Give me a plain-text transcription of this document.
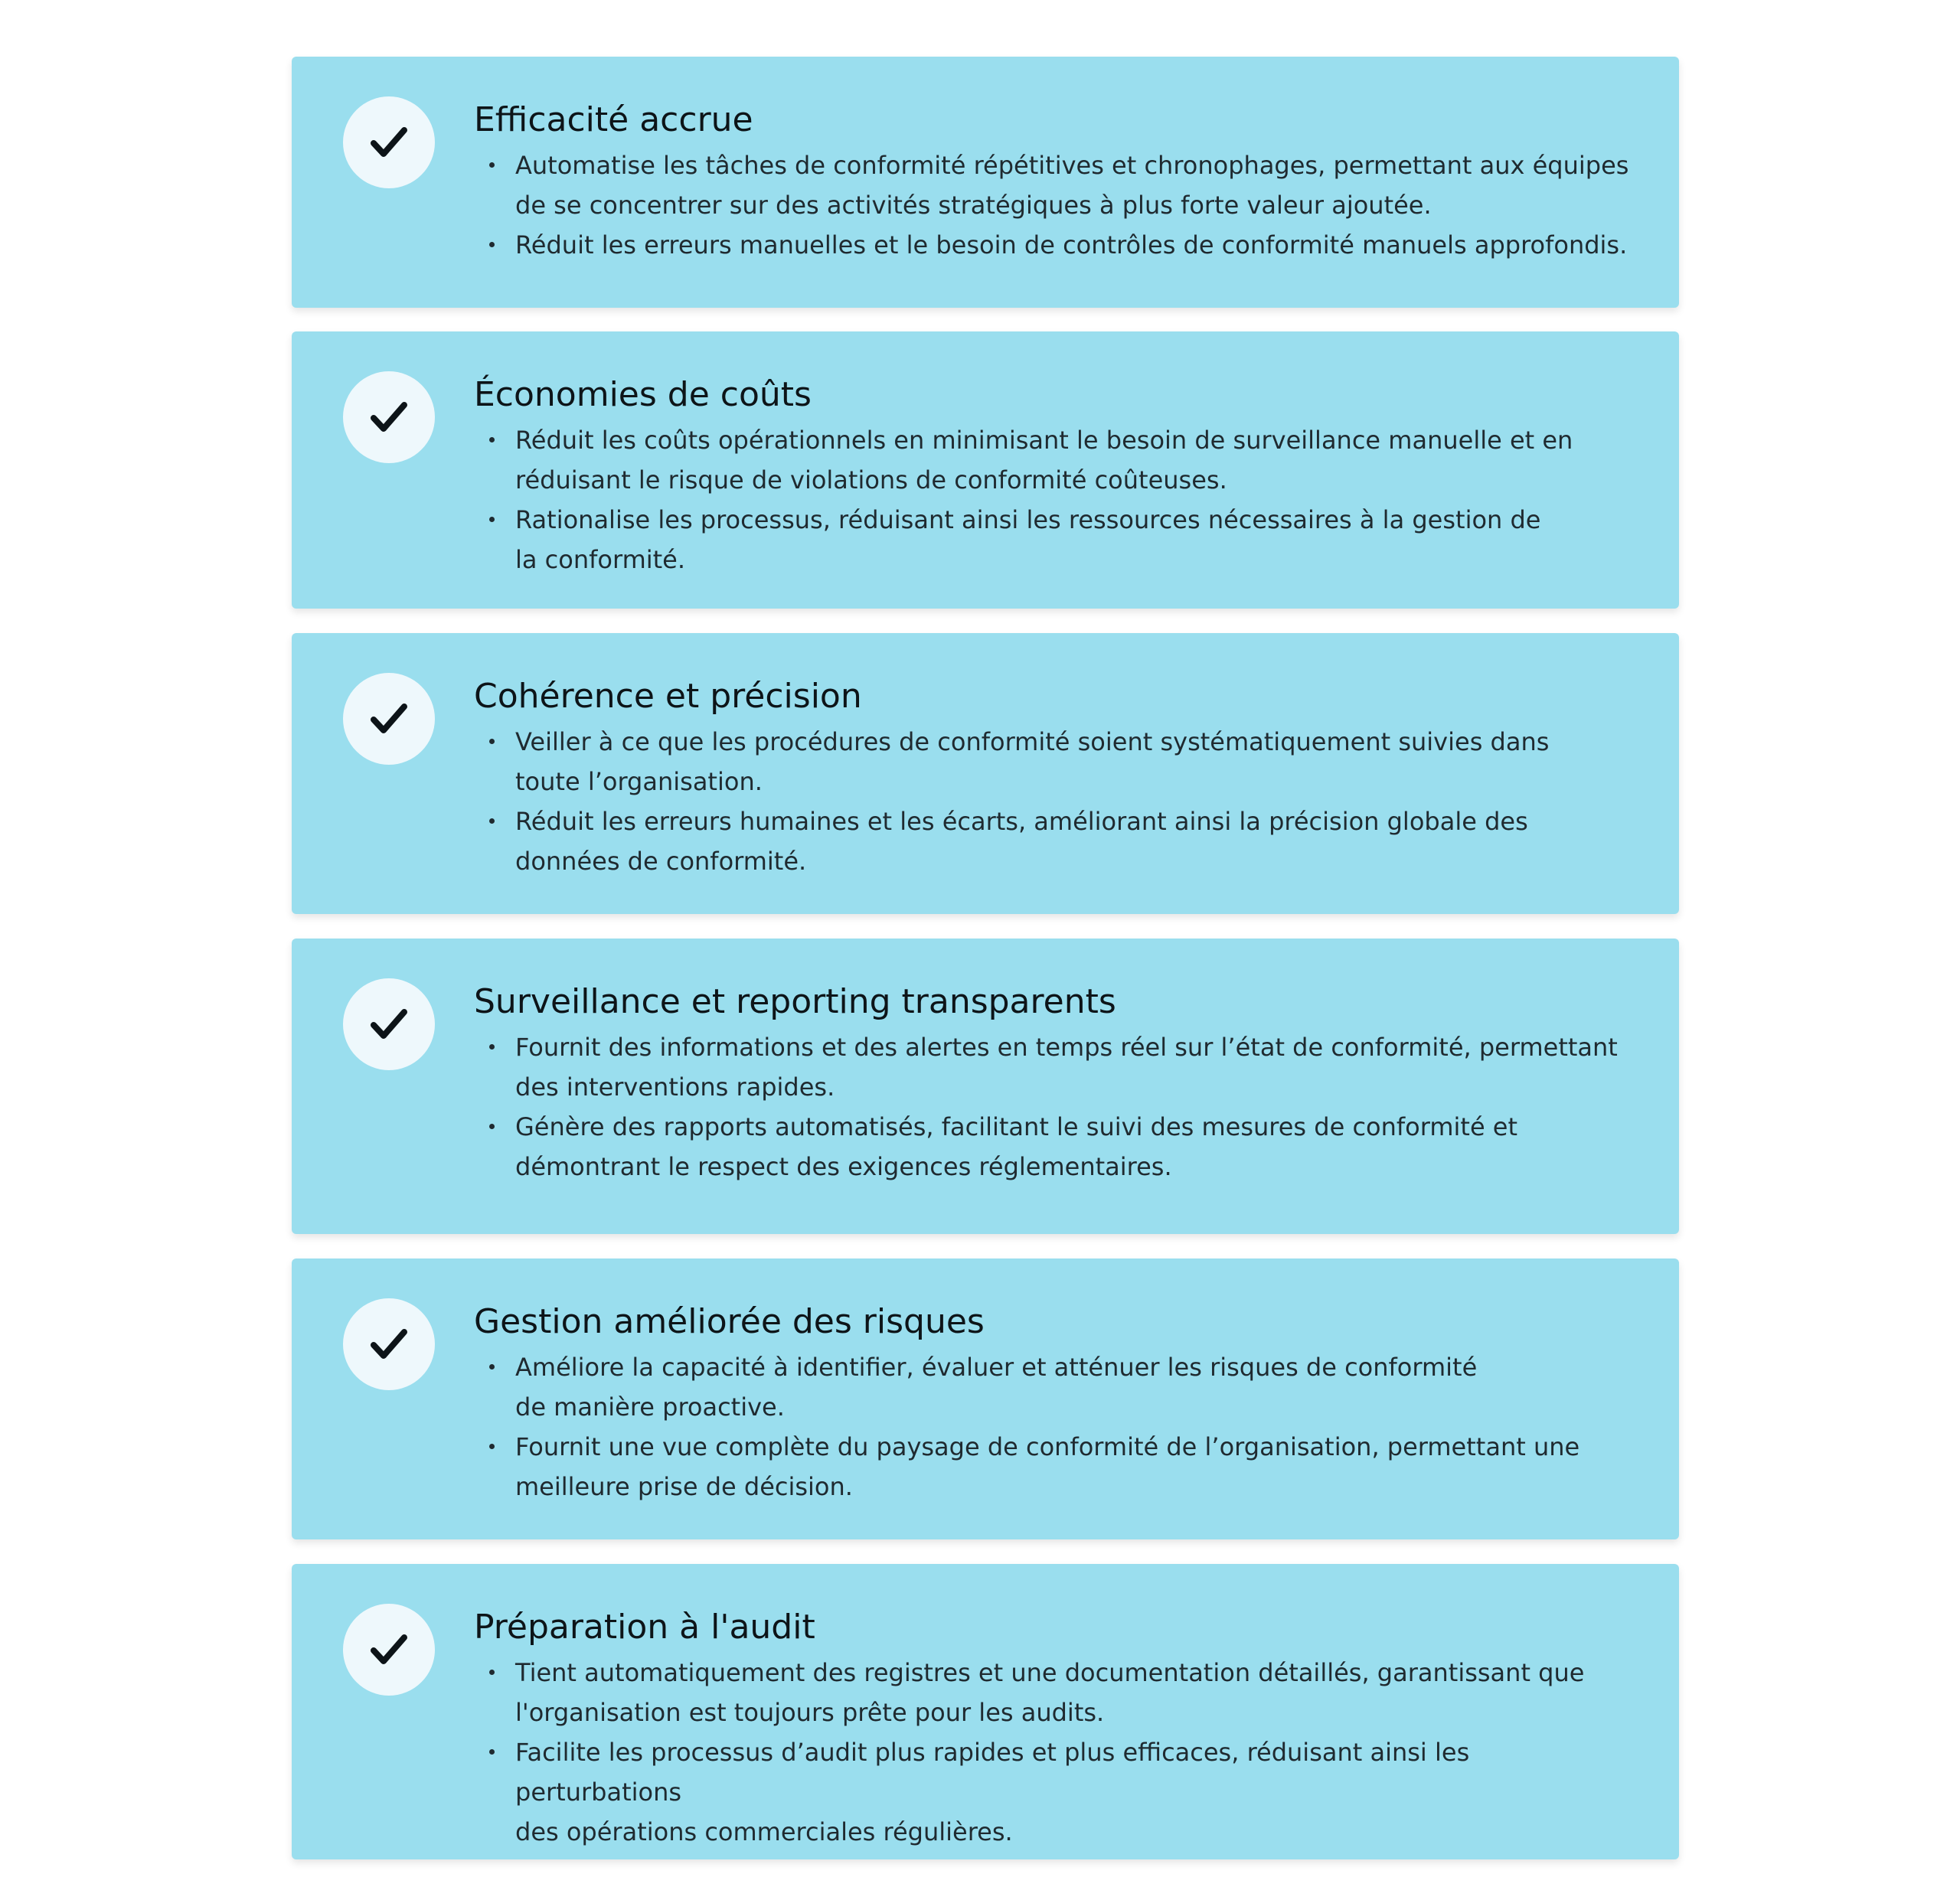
Efficacité accrue
Automatise les tâches de conformité répétitives et chronophages, permettant aux équipes
de se concentrer sur des activités stratégiques à plus forte valeur ajoutée.
Réduit les erreurs manuelles et le besoin de contrôles de conformité manuels approfondis.
Économies de coûts
Réduit les coûts opérationnels en minimisant le besoin de surveillance manuelle et en
réduisant le risque de violations de conformité coûteuses.
Rationalise les processus, réduisant ainsi les ressources nécessaires à la gestion de
la conformité.
Cohérence et précision
Veiller à ce que les procédures de conformité soient systématiquement suivies dans
toute l’organisation.
Réduit les erreurs humaines et les écarts, améliorant ainsi la précision globale des
données de conformité.
Surveillance et reporting transparents
Fournit des informations et des alertes en temps réel sur l’état de conformité, permettant
des interventions rapides.
Génère des rapports automatisés, facilitant le suivi des mesures de conformité et
démontrant le respect des exigences réglementaires.
Gestion améliorée des risques
Améliore la capacité à identifier, évaluer et atténuer les risques de conformité
de manière proactive.
Fournit une vue complète du paysage de conformité de l’organisation, permettant une
meilleure prise de décision.
Préparation à l'audit
Tient automatiquement des registres et une documentation détaillés, garantissant que
l'organisation est toujours prête pour les audits.
Facilite les processus d’audit plus rapides et plus efficaces, réduisant ainsi les perturbations
des opérations commerciales régulières.
